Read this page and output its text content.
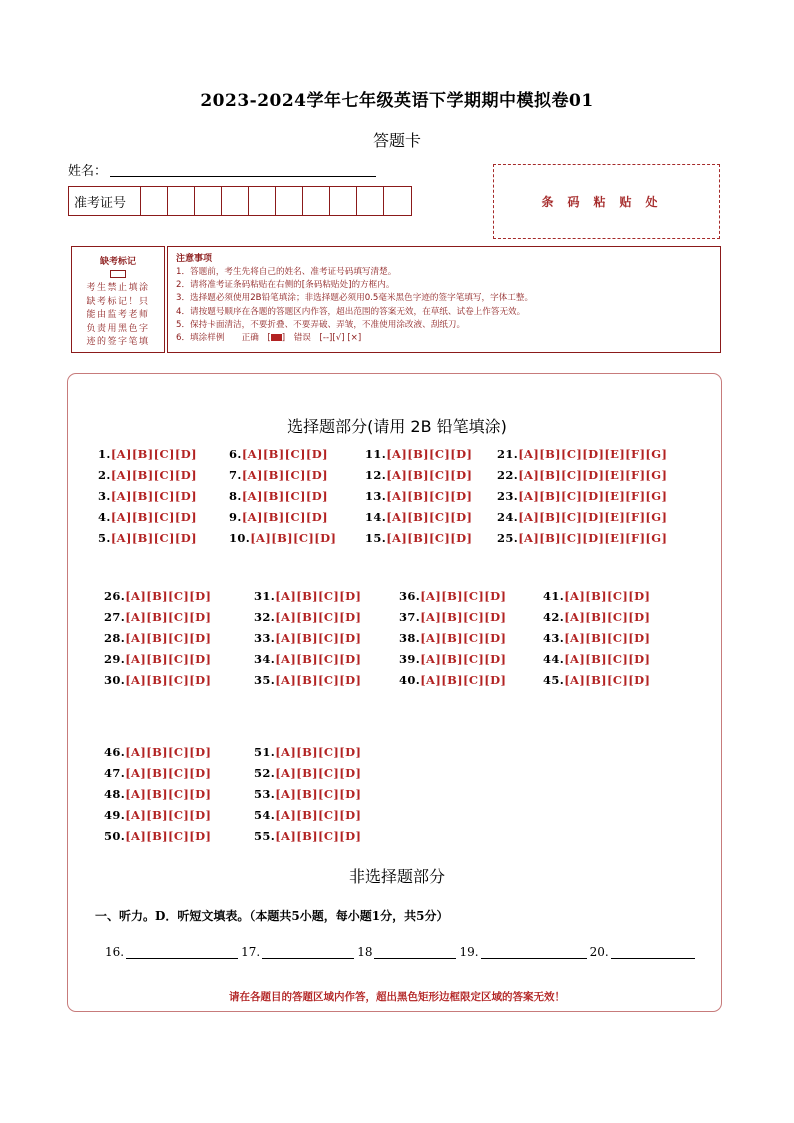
2023-2024学年七年级英语下学期期中模拟卷01
答题卡
姓名：
准考证号	条码粘贴处
缺考标记
考生禁止填涂
缺考标记！只
能由监考老师
负责用黑色字
迹的签字笔填
注意事项
1．答题前，考生先将自己的姓名、准考证号码填写清楚。
2．请将准考证条码粘贴在右侧的[条码粘贴处]的方框内。
3．选择题必须使用2B铅笔填涂；非选择题必须用0.5毫米黑色字迹的签字笔填写，字体工整。
4．请按题号顺序在各题的答题区内作答，超出范围的答案无效，在草纸、试卷上作答无效。
5．保持卡面清洁，不要折叠、不要弄破、弄皱，不准使用涂改液、刮纸刀。
6．填涂样例　　正确　[ ]　错误　[--][√] [×]
选择题部分(请用 2B 铅笔填涂)
1.[A][B][C][D]	6.[A][B][C][D]	11.[A][B][C][D] 21.[A][B][C][D][E][F][G]
2.[A][B][C][D]	7.[A][B][C][D]	12.[A][B][C][D] 22.[A][B][C][D][E][F][G]
3.[A][B][C][D]	8.[A][B][C][D]	13.[A][B][C][D] 23.[A][B][C][D][E][F][G]
4.[A][B][C][D]	9.[A][B][C][D]	14.[A][B][C][D] 24.[A][B][C][D][E][F][G]
5.[A][B][C][D]	10.[A][B][C][D] 15.[A][B][C][D] 25.[A][B][C][D][E][F][G]
26.[A][B][C][D]	31.[A][B][C][D]	36.[A][B][C][D]	41.[A][B][C][D]
27.[A][B][C][D]	32.[A][B][C][D]	37.[A][B][C][D]	42.[A][B][C][D]
28.[A][B][C][D]	33.[A][B][C][D]	38.[A][B][C][D]	43.[A][B][C][D]
29.[A][B][C][D]	34.[A][B][C][D]	39.[A][B][C][D]	44.[A][B][C][D]
30.[A][B][C][D]	35.[A][B][C][D]	40.[A][B][C][D]	45.[A][B][C][D]
46.[A][B][C][D]	51.[A][B][C][D]
47.[A][B][C][D]	52.[A][B][C][D]
48.[A][B][C][D]	53.[A][B][C][D]
49.[A][B][C][D]	54.[A][B][C][D]
50.[A][B][C][D]	55.[A][B][C][D]
非选择题部分
一、听力。D．听短文填表。（本题共5小题，每小题1分，共5分）
16.	17.	18	19.	20.
请在各题目的答题区域内作答，超出黑色矩形边框限定区域的答案无效！
